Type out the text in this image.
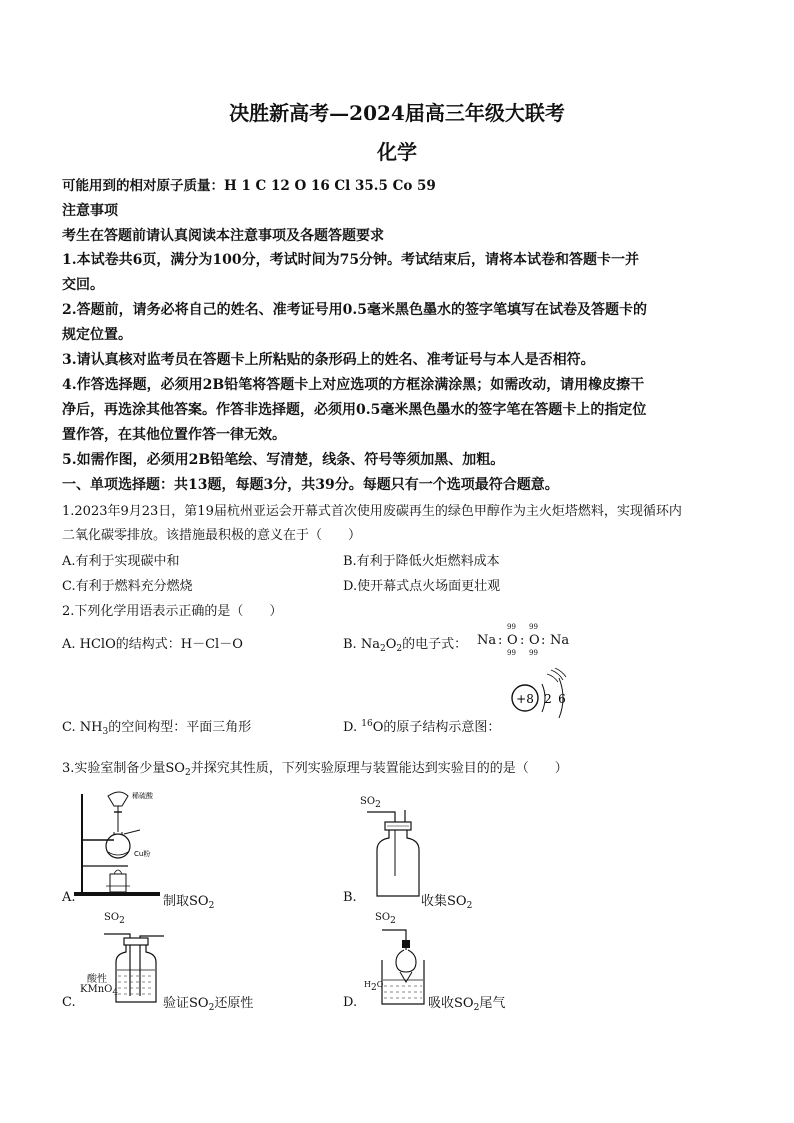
决胜新高考—2024届高三年级大联考
化学
可能用到的相对原子质量：H 1 C 12 O 16 Cl 35.5 Co 59
注意事项
考生在答题前请认真阅读本注意事项及各题答题要求
1.本试卷共6页，满分为100分，考试时间为75分钟。考试结束后，请将本试卷和答题卡一并
交回。
2.答题前，请务必将自己的姓名、准考证号用0.5毫米黑色墨水的签字笔填写在试卷及答题卡的
规定位置。
3.请认真核对监考员在答题卡上所粘贴的条形码上的姓名、准考证号与本人是否相符。
4.作答选择题，必须用2B铅笔将答题卡上对应选项的方框涂满涂黑；如需改动，请用橡皮擦干
净后，再选涂其他答案。作答非选择题，必须用0.5毫米黑色墨水的签字笔在答题卡上的指定位
置作答，在其他位置作答一律无效。
5.如需作图，必须用2B铅笔绘、写清楚，线条、符号等须加黑、加粗。
一、单项选择题：共13题，每题3分，共39分。每题只有一个选项最符合题意。
1.2023年9月23日，第19届杭州亚运会开幕式首次使用废碳再生的绿色甲醇作为主火炬塔燃料，实现循环内
二氧化碳零排放。该措施最积极的意义在于（　　）
A.有利于实现碳中和	B.有利于降低火炬燃料成本
C.有利于燃料充分燃烧	D.使开幕式点火场面更壮观
2.下列化学用语表示正确的是（　　）
A. HClO的结构式：H－Cl－O	B. $Na_2O_2$的电子式： Na : O
99
99
: O
99
99
: Na
C. $NH_3$的空间构型：平面三角形	D. $^{16}$O的原子结构示意图：
+8 2 6
3.实验室制备少量$SO_2$并探究其性质，下列实验原理与装置能达到实验目的的是（　　）
稀硫酸
Cu粉
A.	制取$SO_2$
$SO_2$
B.	收集$SO_2$
$SO_2$
酸性
KMnO$_4$
C.	验证$SO_2$还原性
$SO_2$
$H_2O$
D.	吸收$SO_2$尾气
